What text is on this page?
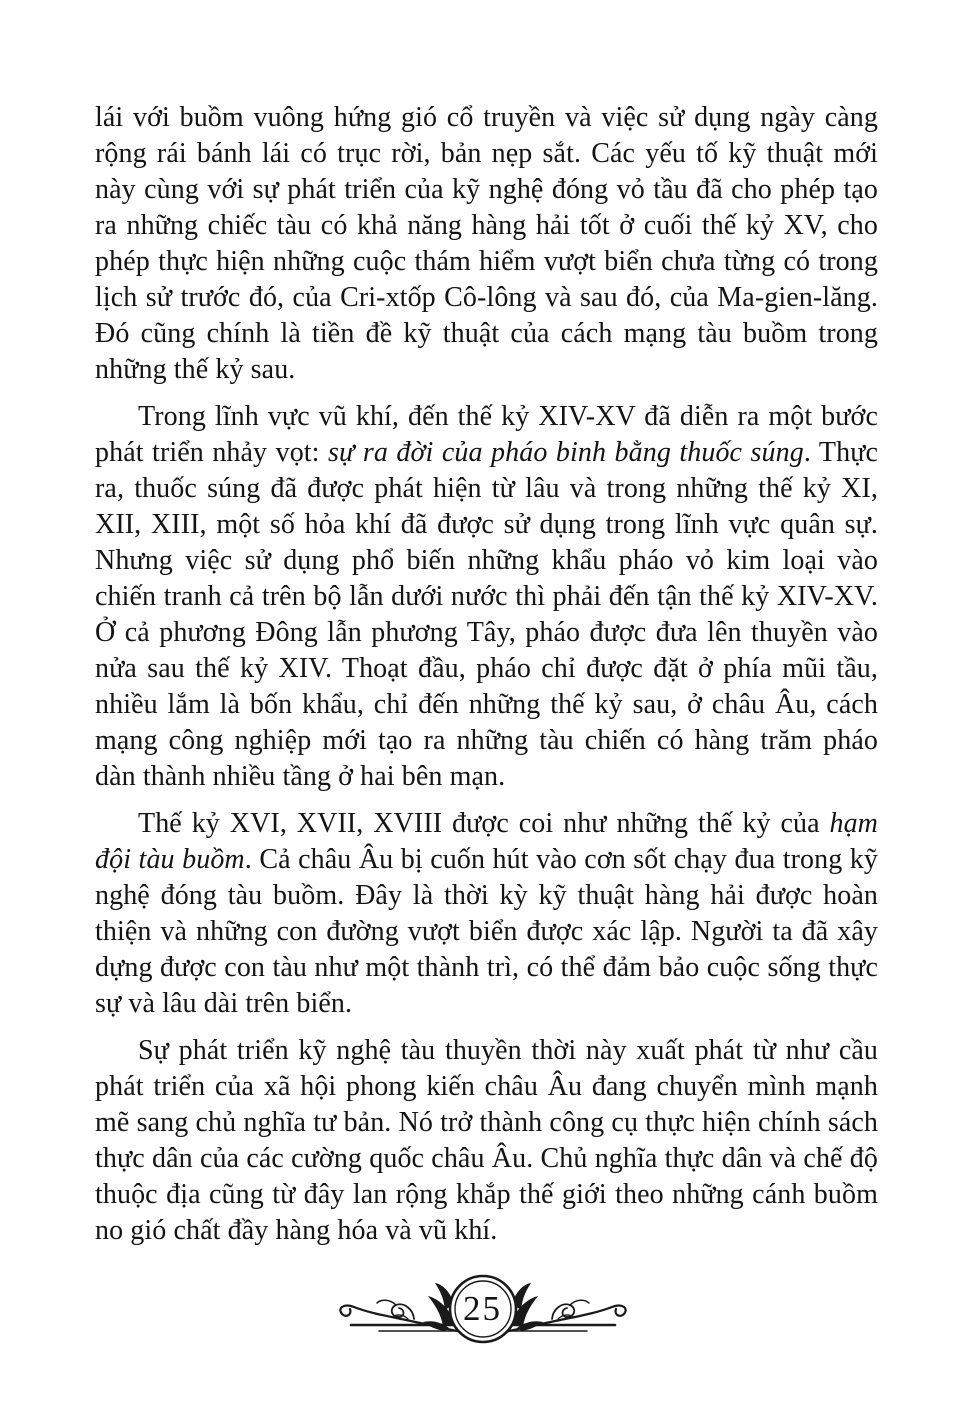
lái với buồm vuông hứng gió cổ truyền và việc sử dụng ngày càng rộng rái bánh lái có trục rời, bản nẹp sắt. Các yếu tố kỹ thuật mới này cùng với sự phát triển của kỹ nghệ đóng vỏ tầu đã cho phép tạo ra những chiếc tàu có khả năng hàng hải tốt ở cuối thế kỷ XV, cho phép thực hiện những cuộc thám hiểm vượt biển chưa từng có trong lịch sử trước đó, của Cri-xtốp Cô-lông và sau đó, của Ma-gien-lăng. Đó cũng chính là tiền đề kỹ thuật của cách mạng tàu buồm trong những thế kỷ sau.

Trong lĩnh vực vũ khí, đến thế kỷ XIV-XV đã diễn ra một bước phát triển nhảy vọt: sự ra đời của pháo binh bằng thuốc súng. Thực ra, thuốc súng đã được phát hiện từ lâu và trong những thế kỷ XI, XII, XIII, một số hỏa khí đã được sử dụng trong lĩnh vực quân sự. Nhưng việc sử dụng phổ biến những khẩu pháo vỏ kim loại vào chiến tranh cả trên bộ lẫn dưới nước thì phải đến tận thế kỷ XIV-XV. Ở cả phương Đông lẫn phương Tây, pháo được đưa lên thuyền vào nửa sau thế kỷ XIV. Thoạt đầu, pháo chỉ được đặt ở phía mũi tầu, nhiều lắm là bốn khẩu, chỉ đến những thế kỷ sau, ở châu Âu, cách mạng công nghiệp mới tạo ra những tàu chiến có hàng trăm pháo dàn thành nhiều tầng ở hai bên mạn.

Thế kỷ XVI, XVII, XVIII được coi như những thế kỷ của hạm đội tàu buồm. Cả châu Âu bị cuốn hút vào cơn sốt chạy đua trong kỹ nghệ đóng tàu buồm. Đây là thời kỳ kỹ thuật hàng hải được hoàn thiện và những con đường vượt biển được xác lập. Người ta đã xây dựng được con tàu như một thành trì, có thể đảm bảo cuộc sống thực sự và lâu dài trên biển.

Sự phát triển kỹ nghệ tàu thuyền thời này xuất phát từ như cầu phát triển của xã hội phong kiến châu Âu đang chuyển mình mạnh mẽ sang chủ nghĩa tư bản. Nó trở thành công cụ thực hiện chính sách thực dân của các cường quốc châu Âu. Chủ nghĩa thực dân và chế độ thuộc địa cũng từ đây lan rộng khắp thế giới theo những cánh buồm no gió chất đầy hàng hóa và vũ khí.

25
